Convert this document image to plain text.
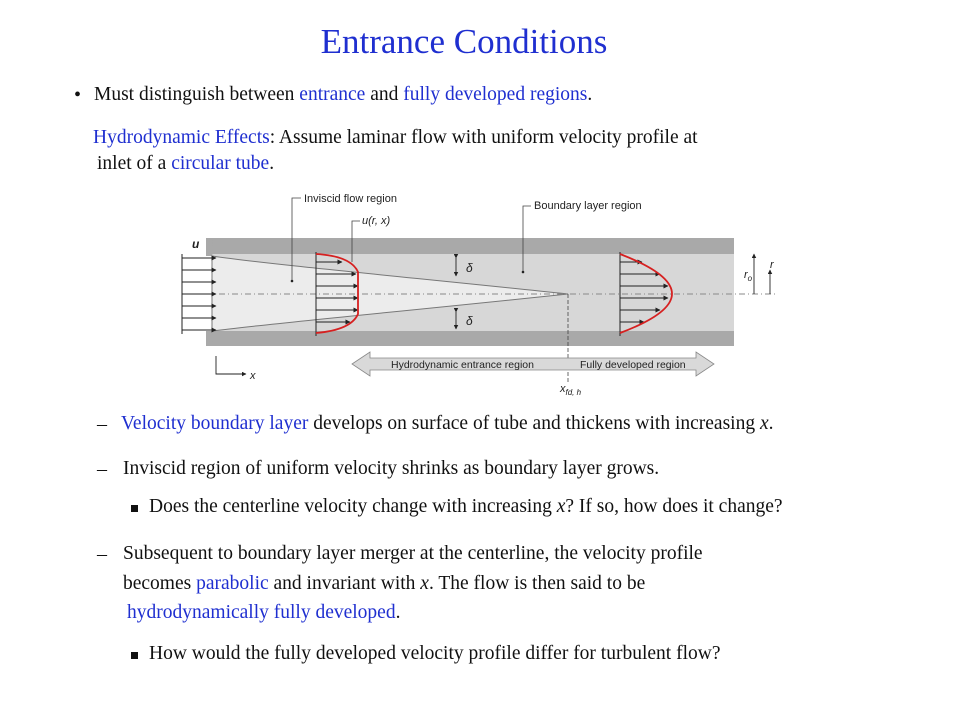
Entrance Conditions
• Must distinguish between entrance and fully developed regions.
Hydrodynamic Effects: Assume laminar flow with uniform velocity profile at
inlet of a circular tube.
Inviscid flow region
u(r, x)
Boundary layer region
u
δ
δ
$r_o$
r
x
$x_{fd, h}$
Hydrodynamic entrance region	Fully developed region
– Velocity boundary layer develops on surface of tube and thickens with increasing x.
– Inviscid region of uniform velocity shrinks as boundary layer grows.
Does the centerline velocity change with increasing x? If so, how does it change?
– Subsequent to boundary layer merger at the centerline, the velocity profile
becomes parabolic and invariant with x. The flow is then said to be
hydrodynamically fully developed.
How would the fully developed velocity profile differ for turbulent flow?
